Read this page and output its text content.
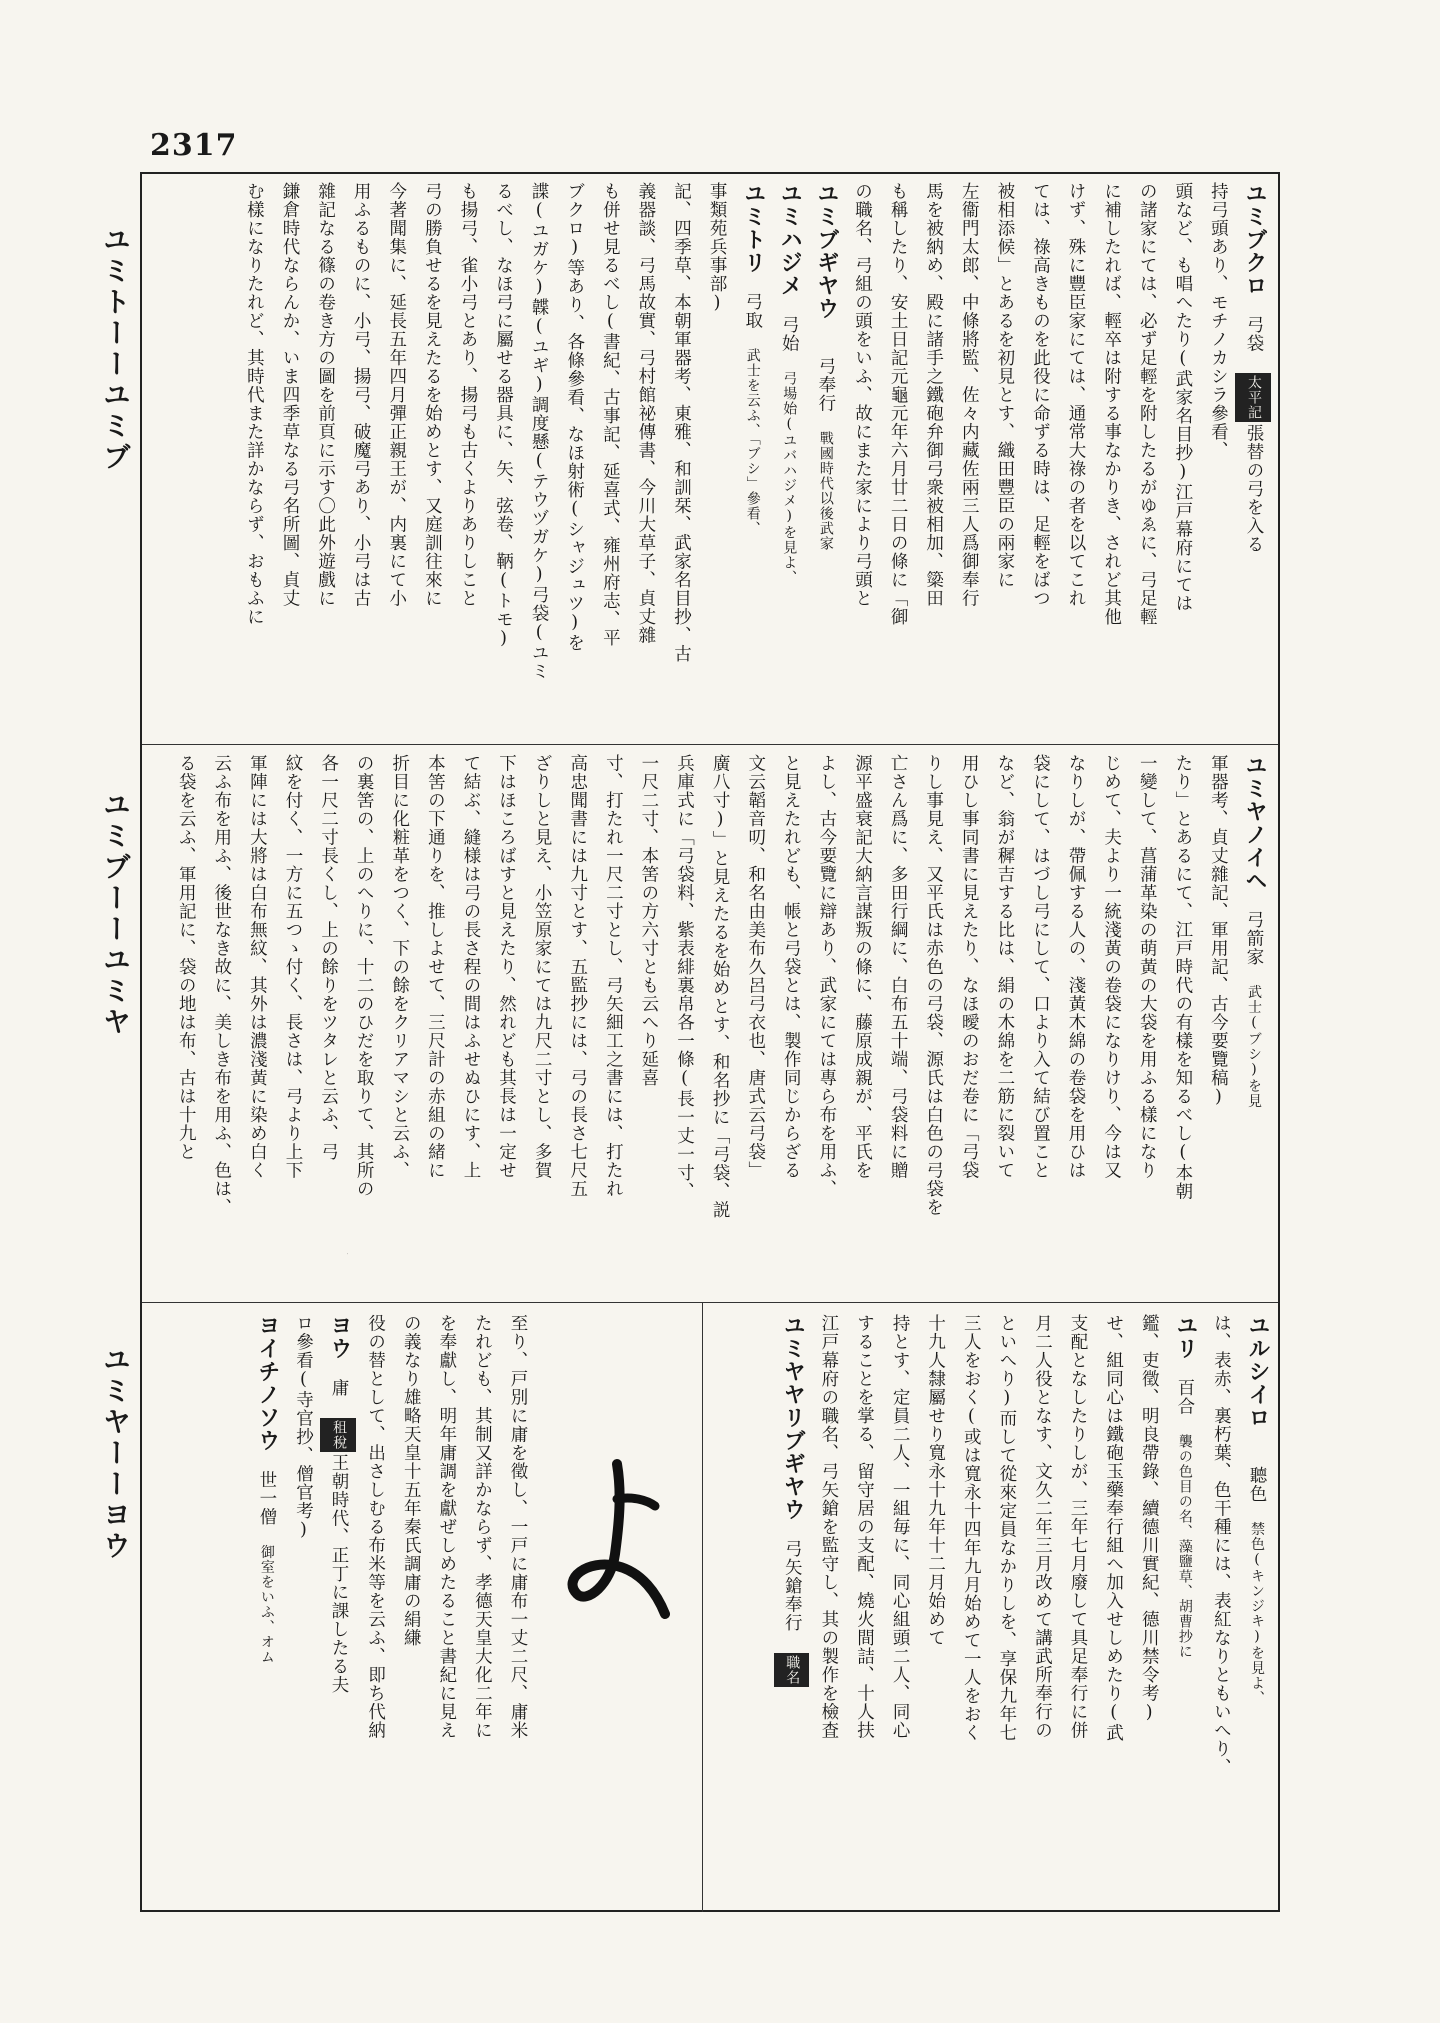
2317
ユミトーーユミブ
ユミブーーユミヤ
ユミヤーーヨウ
ユミブクロ　弓袋　太平記張替の弓を入る
持弓頭あり、モチノカシラ參看、
頭など、も唱へたり(武家名目抄)江戸幕府にては
の諸家にては、必ず足輕を附したるがゆゑに、弓足輕
に補したれば、輕卒は附する事なかりき、されど其他
けず、殊に豐臣家にては、通常大祿の者を以てこれ
ては、祿高きものを此役に命ずる時は、足輕をばつ
被相添候」とあるを初見とす、織田豐臣の兩家に
左衞門太郎、中條將監、佐々内藏佐兩三人爲御奉行
馬を被納め、殿に諸手之鐵砲弁御弓衆被相加、簗田
も稱したり、安土日記元龜元年六月廿二日の條に「御
の職名、弓組の頭をいふ、故にまた家により弓頭と
ユミブギヤウ　　弓奉行　戰國時代以後武家
ユミハジメ　弓始　弓場始(ユバハジメ)を見よ、
ユミトリ　弓取　武士を云ふ、「ブシ」參看、
事類苑兵事部)
記、四季草、本朝軍器考、東雅、和訓栞、武家名目抄、古
義器談、弓馬故實、弓村館祕傳書、今川大草子、貞丈雜
も併せ見るべし(書紀、古事記、延喜式、雍州府志、平
ブクロ)等あり、各條參看、なほ射術(シャジュツ)を
諜(ユガケ)韘(ユギ)調度懸(テウヅガケ)弓袋(ユミ
るべし、なほ弓に屬せる器具に、矢、弦卷、鞆(トモ)
も揚弓、雀小弓とあり、揚弓も古くよりありしこと
弓の勝負せるを見えたるを始めとす、又庭訓往來に
今著聞集に、延長五年四月彈正親王が、内裏にて小
用ふるものに、小弓、揚弓、破魔弓あり、小弓は古
雜記なる篠の卷き方の圖を前頁に示す〇此外遊戲に
鎌倉時代ならんか、いま四季草なる弓名所圖、貞丈
む樣になりたれど、其時代また詳かならず、おもふに

ユミヤノイヘ　弓箭家　武士(ブシ)を見
軍器考、貞丈雜記、軍用記、古今要覽稿)
たり」とあるにて、江戸時代の有樣を知るべし(本朝
一變して、菖蒲革染の萌黃の大袋を用ふる樣になり
じめて、夫より一統淺黃の卷袋になりけり、今は又
なりしが、帶佩する人の、淺黃木綿の卷袋を用ひは
袋にして、はづし弓にして、口より入て結び置こと
など、翁が穉吉する比は、絹の木綿を二筋に裂いて
用ひし事同書に見えたり、なほ曖のおだ卷に「弓袋
りし事見え、又平氏は赤色の弓袋、源氏は白色の弓袋を
亡さん爲に、多田行綱に、白布五十端、弓袋料に贈
源平盛衰記大納言謀叛の條に、藤原成親が、平氏を
よし、古今要覽に辯あり、武家にては專ら布を用ふ、
と見えたれども、帳と弓袋とは、製作同じからざる
文云韜音叨、和名由美布久呂弓衣也、唐式云弓袋」
廣八寸)」と見えたるを始めとす、和名抄に「弓袋、説
兵庫式に「弓袋料、紫表緋裏帛各一條(長一丈一寸、
一尺二寸、本筈の方六寸とも云へり延喜
寸、打たれ一尺二寸とし、弓矢細工之書には、打たれ
高忠聞書には九寸とす、五監抄には、弓の長さ七尺五
ざりしと見え、小笠原家にては九尺二寸とし、多賀
下はほころばすと見えたり、然れども其長は一定せ
て結ぶ、縫様は弓の長さ程の間はふせぬひにす、上
本筈の下通りを、推しよせて、三尺計の赤組の緒に
折目に化粧革をつく、下の餘をクリアマシと云ふ、
の裏筈の、上のへりに、十二のひだを取りて、其所の
各一尺二寸長くし、上の餘りをツタレと云ふ、弓
紋を付く、一方に五つゝ付く、長さは、弓より上下
軍陣には大將は白布無紋、其外は濃淺黃に染め白く
云ふ布を用ふ、後世なき故に、美しき布を用ふ、色は、
る袋を云ふ、軍用記に、袋の地は布、古は十九と
ユルシイロ　　聽色　禁色(キンジキ)を見よ、
は、表赤、裏朽葉、色干種には、表紅なりともいへり、
ユリ　百合　襲の色目の名、藻鹽草、胡曹抄に
鑑、吏徵、明良帶錄、續德川實紀、德川禁令考)
せ、組同心は鐵砲玉藥奉行組へ加入せしめたり(武
支配となしたりしが、三年七月廢して具足奉行に併
月二人役となす、文久二年三月改めて講武所奉行の
といへり)而して從來定員なかりしを、享保九年七
三人をおく(或は寬永十四年九月始めて一人をおく
十九人隸屬せり寬永十九年十二月始めて
持とす、定員二人、一組毎に、同心組頭二人、同心
することを掌る、留守居の支配、燒火間詰、十人扶
江戸幕府の職名、弓矢鎗を監守し、其の製作を檢査
ユミヤヤリブギヤウ　弓矢鎗奉行　職名
至り、戸別に庸を徵し、一戸に庸布一丈二尺、庸米
たれども、其制又詳かならず、孝德天皇大化二年に
を奉獻し、明年庸調を獻ぜしめたること書紀に見え
の義なり雄略天皇十五年秦氏調庸の絹縑
役の替として、出さしむる布米等を云ふ、即ち代納
ヨウ　庸　租稅王朝時代、正丁に課したる夫
ロ參看(寺官抄、僧官考)
ヨイチノソウ　世一僧　御室をいふ、オム
よ
